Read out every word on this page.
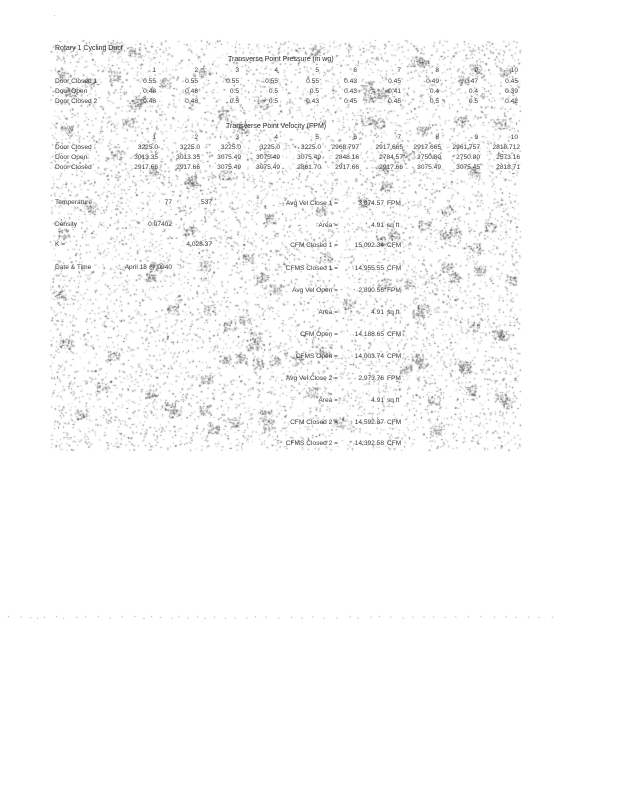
` .
Rotary 1 Cycling Duct
Transverse Point Pressure (in wg)
1	2	3	4	5	6	7	8	9	10
Door Closed 1	0.55	0.55	0.55	0.55	0.55	0.43	0.45	0.49	0.47	0.45
Door Open	0.48	0.48	0.5	0.5	0.5	0.43	0.41	0.4	0.4	0.39
Door Closed 2	0.48	0.48	0.5	0.5	0.43	0.45	0.45	0.5	0.5	0.42
Transverse Point Velocity (FPM)
1	2	3	4	5	6	7	8	9	10
Door Closed	3225.0	3225.0	3225.0	3225.0	3225.0	2968.797	2917.665	2917.665	2961.757	2818.712
Door Open	3013.35	3013.35	3075.49	3075.49	3075.49	2848.16	2784.57	2750.80	2750.80	2573.16
Door Closed	2917.66	2917.66	3075.49	3075.49	2861.70	2917.66	2917.66	3075.49	3075.45	2818.71
Temperature	77	537
Density	0.07402
K =	4,028.37
Date & Time	April 18 @ 0940
Avg Vel Close 1 =	3,074.57 FPM
Area =	4.91 sq ft
CFM Closed 1 =	15,092.34 CFM
CFMS Closed 1 =	14,955.55 CFM
Avg Vel Open =	2,890.56 FPM
Area =	4.91 sq ft
CFM Open =	14,188.65 CFM
CFMS Open =	14,003.74 CFM
Avg Vel Close 2 =	2,973.76 FPM
Area =	4.91 sq ft
CFM Closed 2 =	14,592.87 CFM
CFMS Closed 2 =	14,392.58 CFM
